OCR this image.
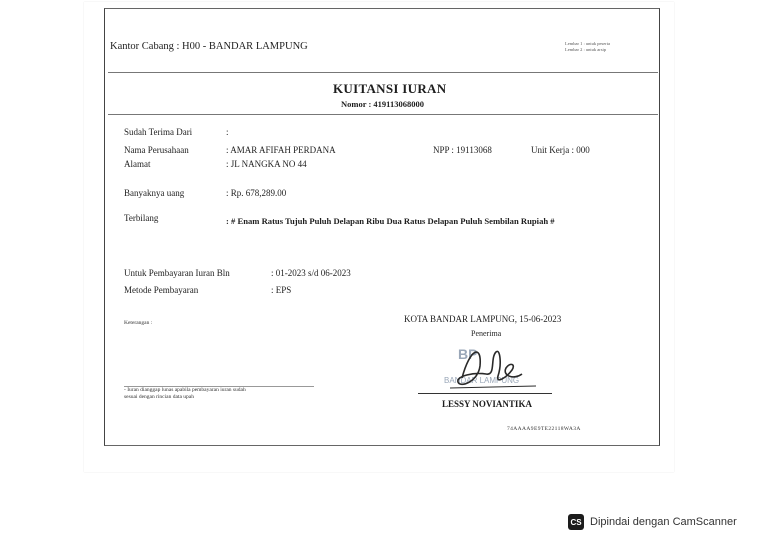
Kantor Cabang : H00 - BANDAR LAMPUNG	Lembar 1 : untuk peserta
Lembar 2 : untuk arsip
KUITANSI IURAN
Nomor : 419113068000
Sudah Terima Dari	:
Nama Perusahaan	: AMAR AFIFAH PERDANA	NPP : 19113068	Unit Kerja : 000
Alamat	: JL NANGKA NO 44
Banyaknya uang	: Rp. 678,289.00
Terbilang	: # Enam Ratus Tujuh Puluh Delapan Ribu Dua Ratus Delapan Puluh Sembilan Rupiah #
Untuk Pembayaran Iuran Bln	: 01-2023 s/d 06-2023
Metode Pembayaran	: EPS
Keterangan :	KOTA BANDAR LAMPUNG, 15-06-2023
Penerima
BP
BANDAR LAMPUNG
LESSY NOVIANTIKA
- Iuran dianggap lunas apabila pembayaran iuran sudah
sesuai dengan rincian data upah
74AAAA9E9TE22118WA3A
CS Dipindai dengan CamScanner
